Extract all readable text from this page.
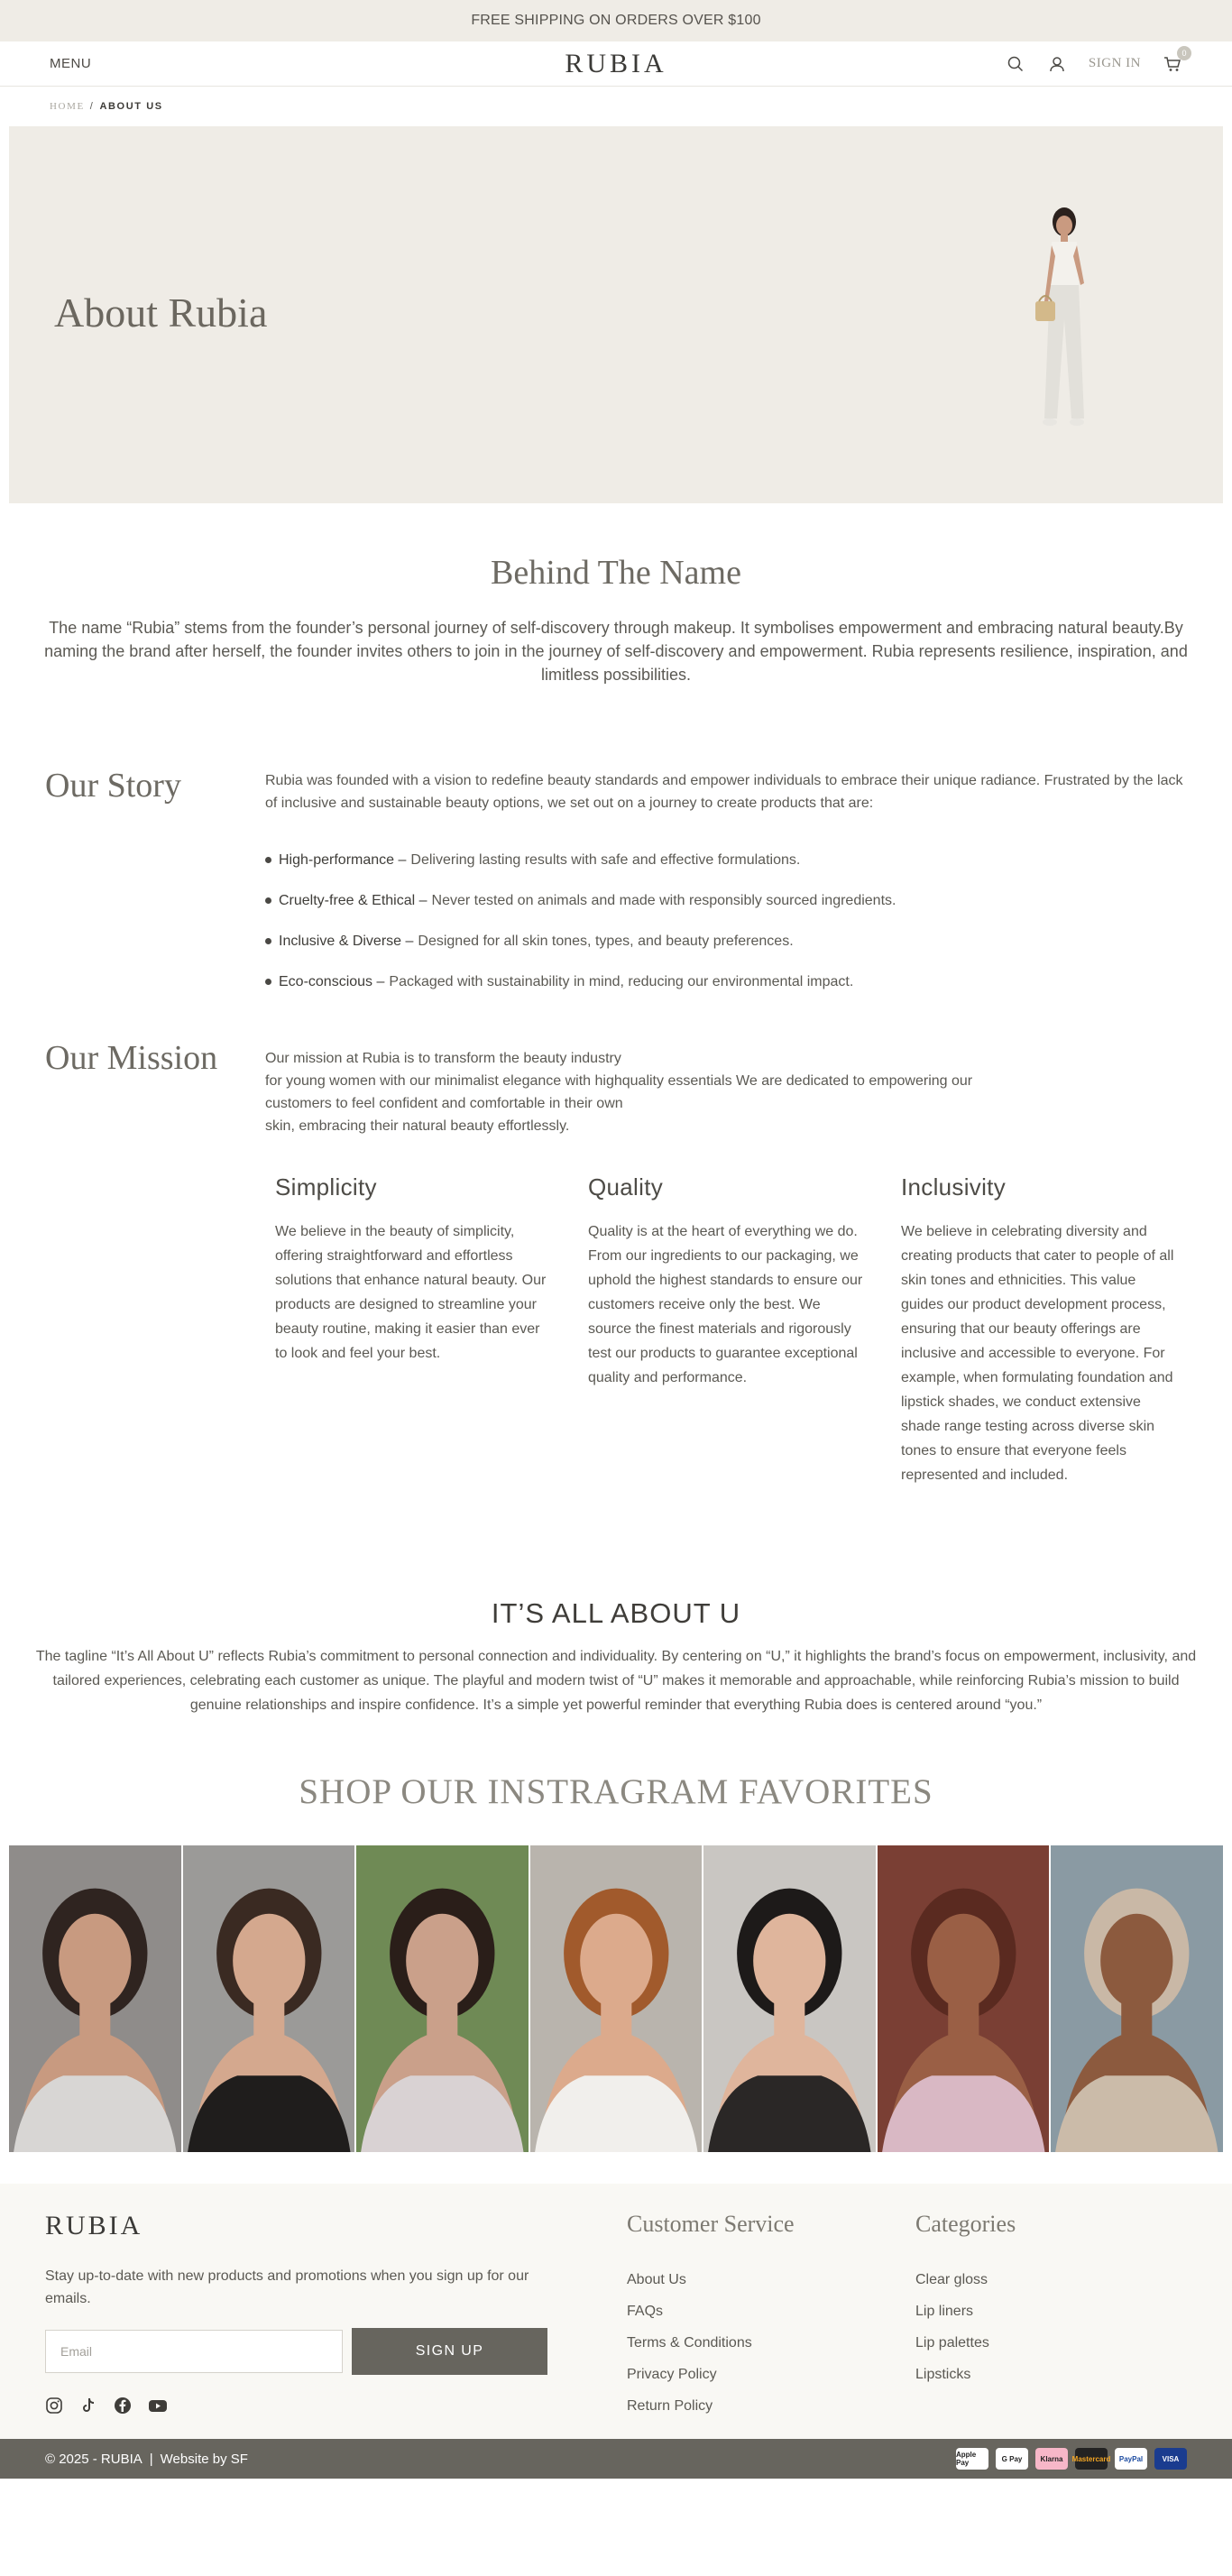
FREE SHIPPING ON ORDERS OVER $100
MENU	RUBIA	SIGN IN
0
HOME / ABOUT US
About Rubia
Behind The Name

The name “Rubia” stems from the founder’s personal journey of self-discovery through makeup. It symbolises empowerment and embracing natural beauty.By naming the brand after herself, the founder invites others to join in the journey of self-discovery and empowerment. Rubia represents resilience, inspiration, and limitless possibilities.

Our Story	Rubia was founded with a vision to redefine beauty standards and empower individuals to embrace their unique radiance. Frustrated by the lack of inclusive and sustainable beauty options, we set out on a journey to create products that are:

High-performance – Delivering lasting results with safe and effective formulations.
Cruelty-free & Ethical – Never tested on animals and made with responsibly sourced ingredients.
Inclusive & Diverse – Designed for all skin tones, types, and beauty preferences.
Eco-conscious – Packaged with sustainability in mind, reducing our environmental impact.
Our Mission	Our mission at Rubia is to transform the beauty industry
for young women with our minimalist elegance with highquality essentials We are dedicated to empowering our
customers to feel confident and comfortable in their own
skin, embracing their natural beauty effortlessly.
Simplicity

We believe in the beauty of simplicity, offering straightforward and effortless solutions that enhance natural beauty. Our products are designed to streamline your beauty routine, making it easier than ever to look and feel your best.

Quality

Quality is at the heart of everything we do. From our ingredients to our packaging, we uphold the highest standards to ensure our customers receive only the best. We source the finest materials and rigorously test our products to guarantee exceptional quality and performance.

Inclusivity

We believe in celebrating diversity and creating products that cater to people of all skin tones and ethnicities. This value guides our product development process, ensuring that our beauty offerings are inclusive and accessible to everyone. For example, when formulating foundation and lipstick shades, we conduct extensive shade range testing across diverse skin tones to ensure that everyone feels represented and included.

IT’S ALL ABOUT U

The tagline “It’s All About U” reflects Rubia’s commitment to personal connection and individuality. By centering on “U,” it highlights the brand’s focus on empowerment, inclusivity, and tailored experiences, celebrating each customer as unique. The playful and modern twist of “U” makes it memorable and approachable, while reinforcing Rubia’s mission to build genuine relationships and inspire confidence. It’s a simple yet powerful reminder that everything Rubia does is centered around “you.”

SHOP OUR INSTRAGRAM FAVORITES
RUBIA

Stay up-to-date with new products and promotions when you sign up for our emails.

Email
SIGN UP
Customer Service
About Us
FAQs
Terms & Conditions
Privacy Policy
Return Policy
Categories
Clear gloss
Lip liners
Lip palettes
Lipsticks
© 2025 - RUBIA | Website by SF	Apple Pay	G Pay	Klarna	Mastercard	PayPal	VISA
